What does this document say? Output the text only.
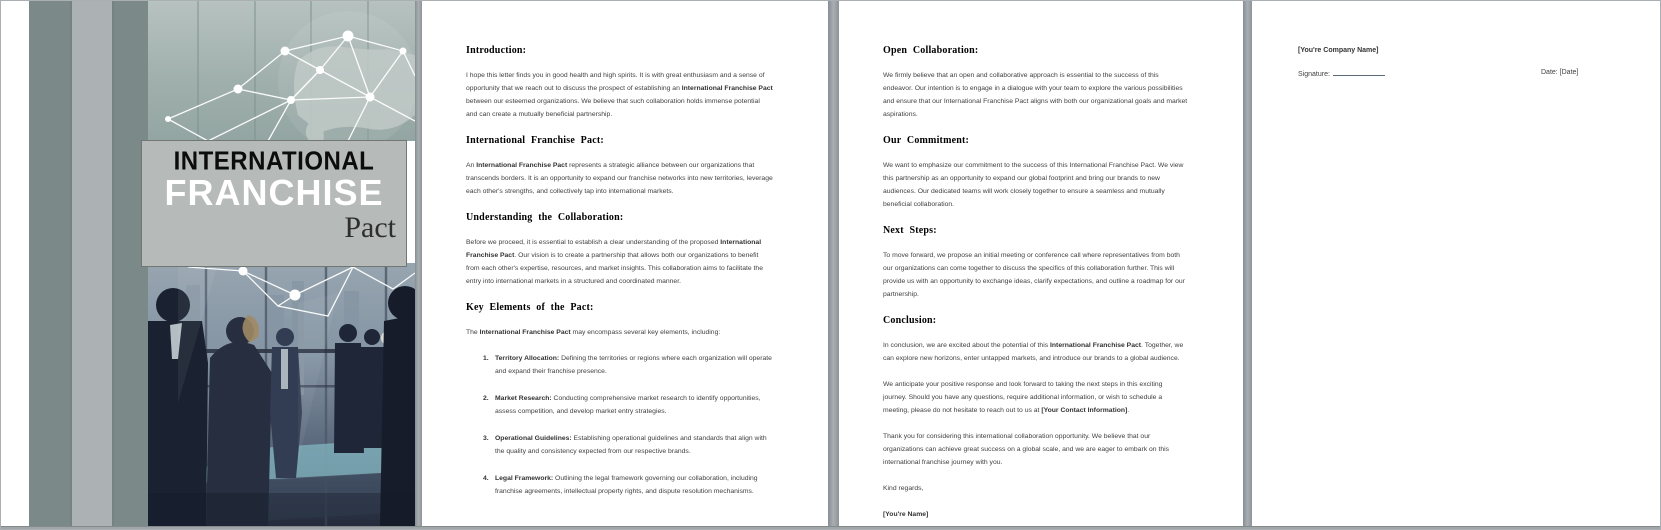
INTERNATIONAL
FRANCHISE
Pact
Introduction:
I hope this letter finds you in good health and high spirits. It is with great enthusiasm and a sense of opportunity that we reach out to discuss the prospect of establishing an International Franchise Pact between our esteemed organizations. We believe that such collaboration holds immense potential and can create a mutually beneficial partnership.
International Franchise Pact:
An International Franchise Pact represents a strategic alliance between our organizations that transcends borders. It is an opportunity to expand our franchise networks into new territories, leverage each other's strengths, and collectively tap into international markets.
Understanding the Collaboration:
Before we proceed, it is essential to establish a clear understanding of the proposed International Franchise Pact. Our vision is to create a partnership that allows both our organizations to benefit from each other's expertise, resources, and market insights. This collaboration aims to facilitate the entry into international markets in a structured and coordinated manner.
Key Elements of the Pact:
The International Franchise Pact may encompass several key elements, including:
1. Territory Allocation: Defining the territories or regions where each organization will operate and expand their franchise presence.
2. Market Research: Conducting comprehensive market research to identify opportunities, assess competition, and develop market entry strategies.
3. Operational Guidelines: Establishing operational guidelines and standards that align with the quality and consistency expected from our respective brands.
4. Legal Framework: Outlining the legal framework governing our collaboration, including franchise agreements, intellectual property rights, and dispute resolution mechanisms.
Open Collaboration:
We firmly believe that an open and collaborative approach is essential to the success of this endeavor. Our intention is to engage in a dialogue with your team to explore the various possibilities and ensure that our International Franchise Pact aligns with both our organizational goals and market aspirations.
Our Commitment:
We want to emphasize our commitment to the success of this International Franchise Pact. We view this partnership as an opportunity to expand our global footprint and bring our brands to new audiences. Our dedicated teams will work closely together to ensure a seamless and mutually beneficial collaboration.
Next Steps:
To move forward, we propose an initial meeting or conference call where representatives from both our organizations can come together to discuss the specifics of this collaboration further. This will provide us with an opportunity to exchange ideas, clarify expectations, and outline a roadmap for our partnership.
Conclusion:
In conclusion, we are excited about the potential of this International Franchise Pact. Together, we can explore new horizons, enter untapped markets, and introduce our brands to a global audience.
We anticipate your positive response and look forward to taking the next steps in this exciting journey. Should you have any questions, require additional information, or wish to schedule a meeting, please do not hesitate to reach out to us at [Your Contact Information].
Thank you for considering this international collaboration opportunity. We believe that our organizations can achieve great success on a global scale, and we are eager to embark on this international franchise journey with you.
Kind regards,
[You're Name]
[You're Company Name]
Signature:	Date: [Date]
